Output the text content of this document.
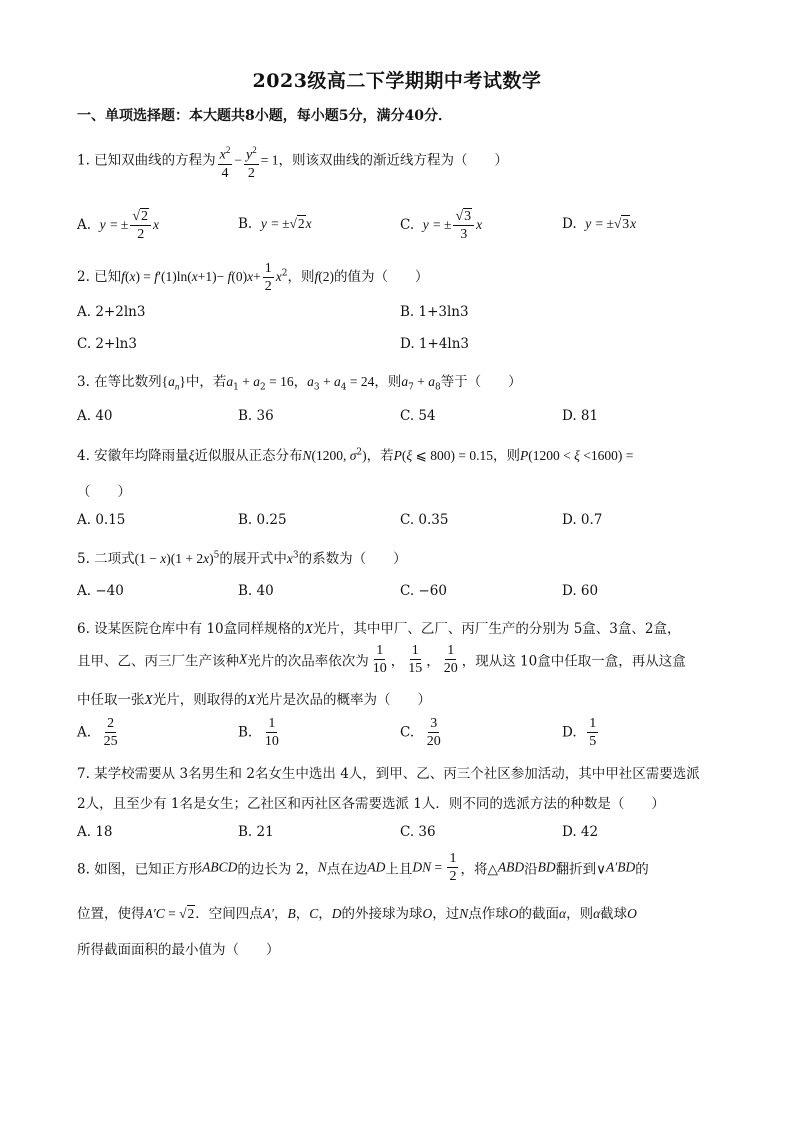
2023级高二下学期期中考试数学
一、单项选择题：本大题共8小题，每小题5分，满分40分．
1. 已知双曲线的方程为 $\frac{x^2}{4} - \frac{y^2}{2} = 1$，则该双曲线的渐近线方程为（　　）
A. y = ± $\frac{√2}{2}$ x	B. y = ±√2x	C. y = ± $\frac{√3}{3}$ x	D. y = ±√3x
2. 已知$f(x) = f'(1)\ln(x+1)- f(0)x+ \frac{1}{2} x^2$，则f(2)的值为（　　）
A. 2+2ln3	B. 1+3ln3
C. 2+ln3	D. 1+4ln3
3. 在等比数列$\{a_n\}$中，若$a_1 + a_2 = 16$，$a_3 + a_4 = 24$，则$a_7 + a_8$等于（　　）
A. 40	B. 36	C. 54	D. 81
4. 安徽年均降雨量ξ近似服从正态分布N(1200, $\sigma^2$)，若P(ξ ⩽ 800) = 0.15，则P(1200 < ξ <1600) =
（　　）
A. 0.15	B. 0.25	C. 0.35	D. 0.7
5. 二项式$(1 - x)(1 + 2x)^5$的展开式中$x^3$的系数为（　　）
A. −40	B. 40	C. −60	D. 60
6. 设某医院仓库中有 10盒同样规格的X光片，其中甲厂、乙厂、丙厂生产的分别为 5盒、3盒、2盒，
且甲、乙、丙三厂生产该种X光片的次品率依次为 $\frac{1}{10}$ ， $\frac{1}{15}$ ， $\frac{1}{20}$ ，现从这 10盒中任取一盒，再从这盒
中任取一张X光片，则取得的X光片是次品的概率为（　　）
A. $\frac{2}{25}$	B. $\frac{1}{10}$	C. $\frac{3}{20}$	D. $\frac{1}{5}$
7. 某学校需要从 3名男生和 2名女生中选出 4人，到甲、乙、丙三个社区参加活动，其中甲社区需要选派
2人，且至少有 1名是女生；乙社区和丙社区各需要选派 1人．则不同的选派方法的种数是（　　）
A. 18	B. 21	C. 36	D. 42
8. 如图，已知正方形ABCD的边长为 2，N点在边AD上且DN = $\frac{1}{2}$ ，将△ABD沿BD翻折到∨A′BD的
位置，使得A′C = √2．空间四点A′，B，C，D的外接球为球O，过N点作球O的截面α，则α截球O
所得截面面积的最小值为（　　）
